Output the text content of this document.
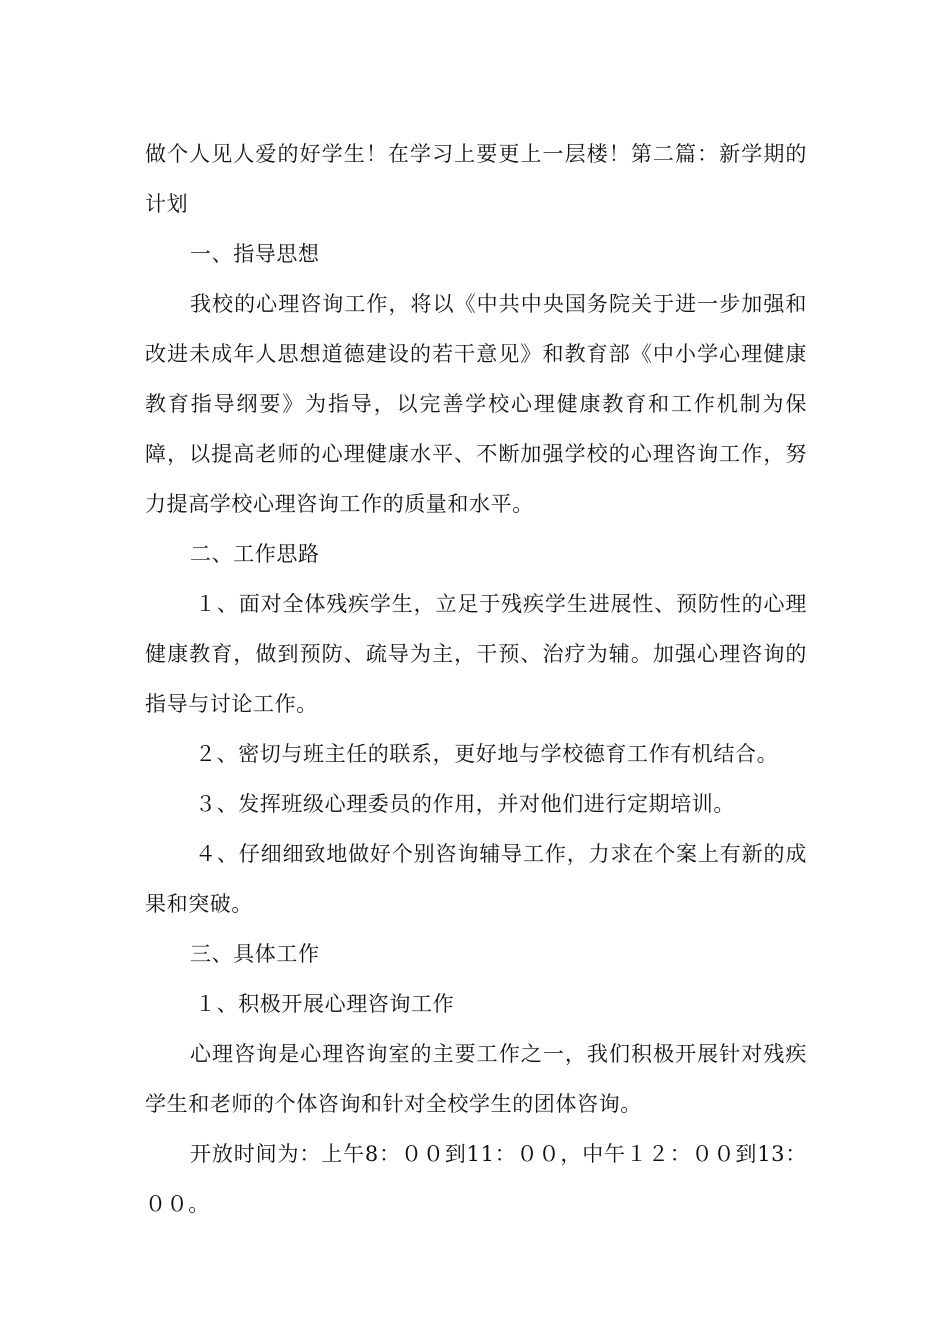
做个人见人爱的好学生！在学习上要更上一层楼！第二篇：新学期的计划

一、指导思想

我校的心理咨询工作，将以《中共中央国务院关于进一步加强和改进未成年人思想道德建设的若干意见》和教育部《中小学心理健康教育指导纲要》为指导，以完善学校心理健康教育和工作机制为保障，以提高老师的心理健康水平、不断加强学校的心理咨询工作，努力提高学校心理咨询工作的质量和水平。

二、工作思路

１、面对全体残疾学生，立足于残疾学生进展性、预防性的心理健康教育，做到预防、疏导为主，干预、治疗为辅。加强心理咨询的指导与讨论工作。

２、密切与班主任的联系，更好地与学校德育工作有机结合。

３、发挥班级心理委员的作用，并对他们进行定期培训。

４、仔细细致地做好个别咨询辅导工作，力求在个案上有新的成果和突破。

三、具体工作

１、积极开展心理咨询工作

心理咨询是心理咨询室的主要工作之一，我们积极开展针对残疾学生和老师的个体咨询和针对全校学生的团体咨询。

开放时间为：上午8：００到11：００，中午１２：００到13：００。
